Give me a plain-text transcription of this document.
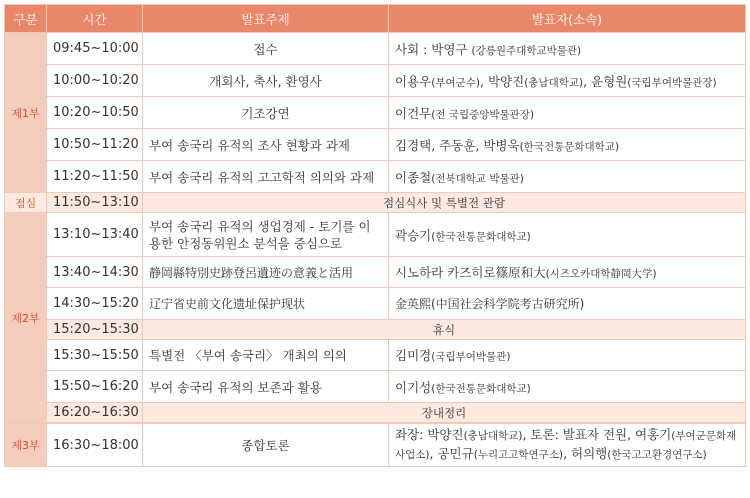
구분	시간	발표주제	발표자(소속)
제1부	09:45~10:00	접수	사회 : 박영구 (강릉원주대학교박물관)
	10:00~10:20	개회사, 축사, 환영사	이용우(부여군수), 박양진(충남대학교), 윤형원(국립부여박물관장)
	10:20~10:50	기조강연	이건무(전 국립중앙박물관장)
	10:50~11:20	부여 송국리 유적의 조사 현황과 과제	김경택, 주동훈, 박병욱(한국전통문화대학교)
	11:20~11:50	부여 송국리 유적의 고고학적 의의와 과제	이종철(전북대학교 박물관)
점심	11:50~13:10	점심식사 및 특별전 관람	
제2부	13:10~13:40	부여 송국리 유적의 생업경제 - 토기를 이용한 안정동위원소 분석을 중심으로	곽승기(한국전통문화대학교)
	13:40~14:30	静岡縣特別史跡登呂遺迹の意義と活用	시노하라 카즈히로篠原和大(시즈오카대학静岡大学)
	14:30~15:20	辽宁省史前文化遗址保护现状	金英熙(中国社会科学院考古研究所)
	15:20~15:30	휴식	
	15:30~15:50	특별전 〈부여 송국리〉 개최의 의의	김미경(국립부여박물관)
	15:50~16:20	부여 송국리 유적의 보존과 활용	이기성(한국전통문화대학교)
	16:20~16:30	장내정리	

제3부	16:30~18:00	종합토론	좌장: 박양진(충남대학교), 토론: 발표자 전원, 여홍기(부여군문화재사업소), 공민규(누리고고학연구소), 허의행(한국고고환경연구소)
